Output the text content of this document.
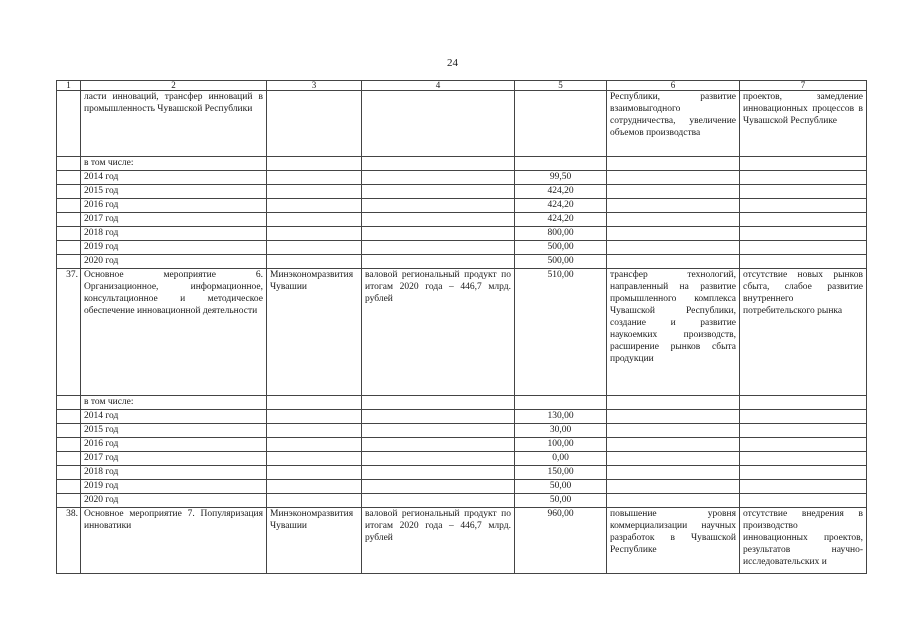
24
1	2	3	4	5	6	7
	ласти инноваций, трансфер инноваций в промышленность Чувашской Республики				Республики, развитие взаимовыгодного сотрудничества, увеличение объемов производства	проектов, замедление инновационных процессов в Чувашской Республике
	в том числе:					
	2014 год			99,50		
	2015 год			424,20		
	2016 год			424,20		
	2017 год			424,20		
	2018 год			800,00		
	2019 год			500,00		
	2020 год			500,00		
37.	Основное мероприятие 6. Организационное, информационное, консультационное и методическое обеспечение инновационной деятельности	Минэкономразвития Чувашии	валовой региональный продукт по итогам 2020 года – 446,7 млрд. рублей	510,00	трансфер технологий, направленный на развитие промышленного комплекса Чувашской Республики, создание и развитие наукоемких производств, расширение рынков сбыта продукции	отсутствие новых рынков сбыта, слабое развитие внутреннего потребительского рынка
	в том числе:					
	2014 год			130,00		
	2015 год			30,00		
	2016 год			100,00		
	2017 год			0,00		
	2018 год			150,00		
	2019 год			50,00		
	2020 год			50,00		
38.	Основное мероприятие 7. Популяризация инноватики	Минэкономразвития Чувашии	валовой региональный продукт по итогам 2020 года – 446,7 млрд. рублей	960,00	повышение уровня коммерциализации научных разработок в Чувашской Республике	отсутствие внедрения в производство инновационных проектов, результатов научно-исследовательских и
